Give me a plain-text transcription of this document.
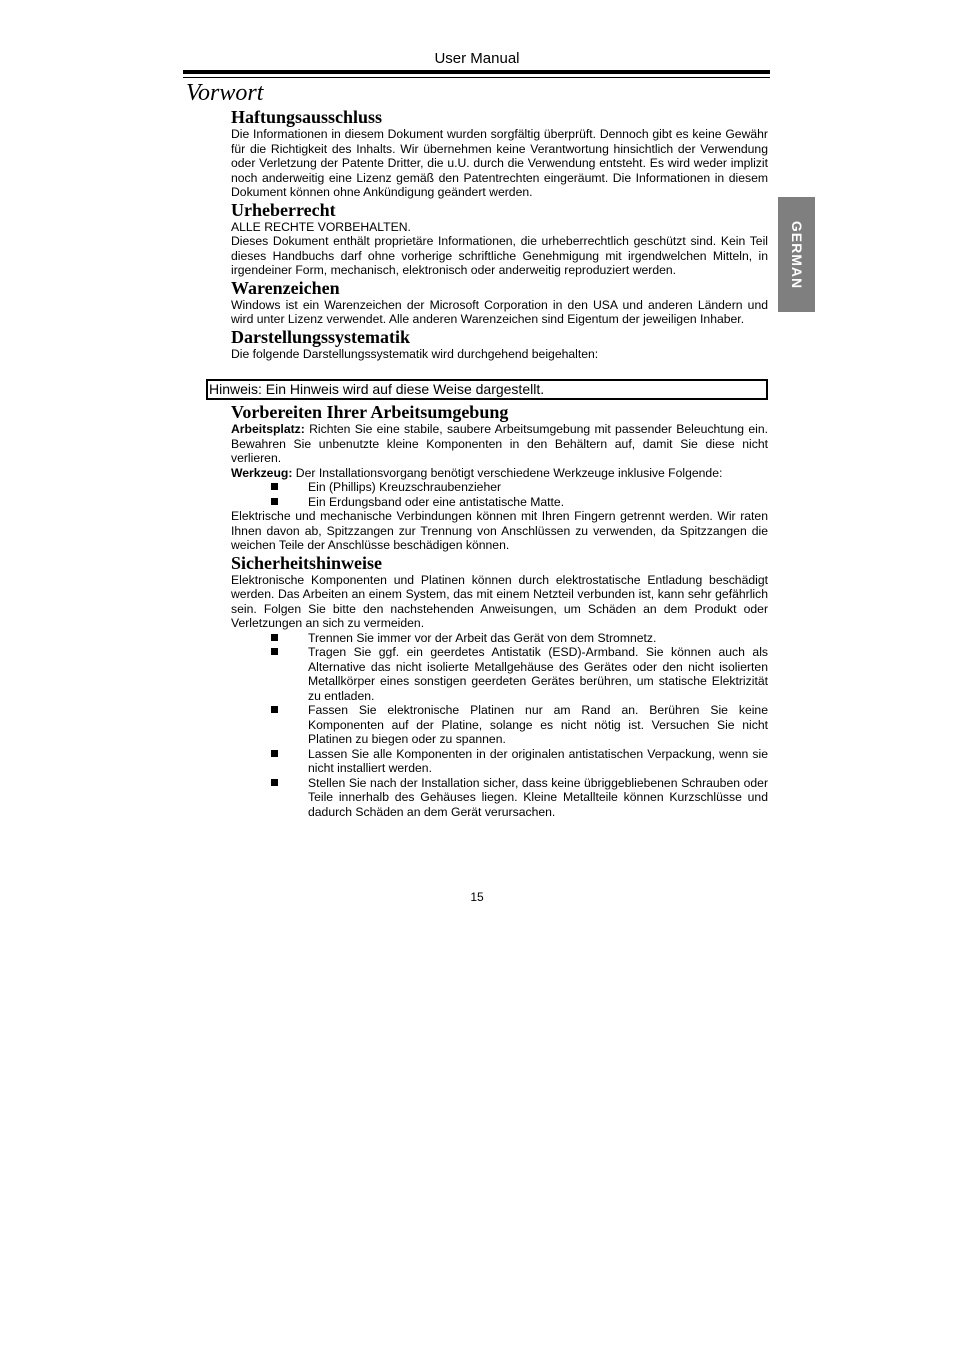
User Manual
Vorwort
GERMAN
Haftungsausschluss

Die Informationen in diesem Dokument wurden sorgfältig überprüft. Dennoch gibt es keine Gewähr für die Richtigkeit des Inhalts. Wir übernehmen keine Verantwortung hinsichtlich der Verwendung oder Verletzung der Patente Dritter, die u.U. durch die Verwendung entsteht. Es wird weder implizit noch anderweitig eine Lizenz gemäß den Patentrechten eingeräumt. Die Informationen in diesem Dokument können ohne Ankündigung geändert werden.

Urheberrecht

ALLE RECHTE VORBEHALTEN.

Dieses Dokument enthält proprietäre Informationen, die urheberrechtlich geschützt sind. Kein Teil dieses Handbuchs darf ohne vorherige schriftliche Genehmigung mit irgendwelchen Mitteln, in irgendeiner Form, mechanisch, elektronisch oder anderweitig reproduziert werden.

Warenzeichen

Windows ist ein Warenzeichen der Microsoft Corporation in den USA und anderen Ländern und wird unter Lizenz verwendet. Alle anderen Warenzeichen sind Eigentum der jeweiligen Inhaber.

Darstellungssystematik

Die folgende Darstellungssystematik wird durchgehend beigehalten:

Hinweis: Ein Hinweis wird auf diese Weise dargestellt.
Vorbereiten Ihrer Arbeitsumgebung

Arbeitsplatz: Richten Sie eine stabile, saubere Arbeitsumgebung mit passender Beleuchtung ein. Bewahren Sie unbenutzte kleine Komponenten in den Behältern auf, damit Sie diese nicht verlieren.

Werkzeug: Der Installationsvorgang benötigt verschiedene Werkzeuge inklusive Folgende:

Ein (Phillips) Kreuzschraubenzieher
Ein Erdungsband oder eine antistatische Matte.

Elektrische und mechanische Verbindungen können mit Ihren Fingern getrennt werden. Wir raten Ihnen davon ab, Spitzzangen zur Trennung von Anschlüssen zu verwenden, da Spitzzangen die weichen Teile der Anschlüsse beschädigen können.

Sicherheitshinweise

Elektronische Komponenten und Platinen können durch elektrostatische Entladung beschädigt werden. Das Arbeiten an einem System, das mit einem Netzteil verbunden ist, kann sehr gefährlich sein. Folgen Sie bitte den nachstehenden Anweisungen, um Schäden an dem Produkt oder Verletzungen an sich zu vermeiden.

Trennen Sie immer vor der Arbeit das Gerät von dem Stromnetz.
Tragen Sie ggf. ein geerdetes Antistatik (ESD)-Armband. Sie können auch als Alternative das nicht isolierte Metallgehäuse des Gerätes oder den nicht isolierten Metallkörper eines sonstigen geerdeten Gerätes berühren, um statische Elektrizität zu entladen.
Fassen Sie elektronische Platinen nur am Rand an. Berühren Sie keine Komponenten auf der Platine, solange es nicht nötig ist. Versuchen Sie nicht Platinen zu biegen oder zu spannen.
Lassen Sie alle Komponenten in der originalen antistatischen Verpackung, wenn sie nicht installiert werden.
Stellen Sie nach der Installation sicher, dass keine übriggebliebenen Schrauben oder Teile innerhalb des Gehäuses liegen. Kleine Metallteile können Kurzschlüsse und dadurch Schäden an dem Gerät verursachen.
15
